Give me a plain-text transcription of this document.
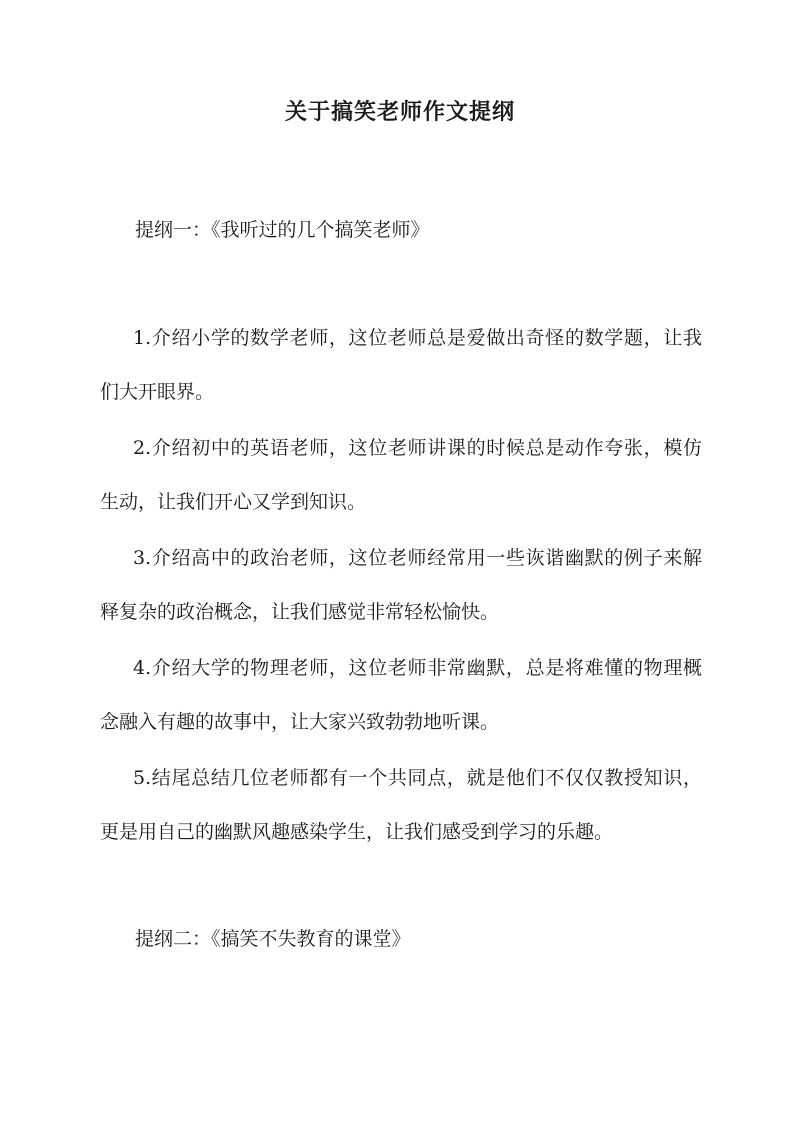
关于搞笑老师作文提纲
提纲一：《我听过的几个搞笑老师》
1.介绍小学的数学老师，这位老师总是爱做出奇怪的数学题，让我们大开眼界。
2.介绍初中的英语老师，这位老师讲课的时候总是动作夸张，模仿生动，让我们开心又学到知识。
3.介绍高中的政治老师，这位老师经常用一些诙谐幽默的例子来解释复杂的政治概念，让我们感觉非常轻松愉快。
4.介绍大学的物理老师，这位老师非常幽默，总是将难懂的物理概念融入有趣的故事中，让大家兴致勃勃地听课。
5.结尾总结几位老师都有一个共同点，就是他们不仅仅教授知识，更是用自己的幽默风趣感染学生，让我们感受到学习的乐趣。
提纲二：《搞笑不失教育的课堂》
